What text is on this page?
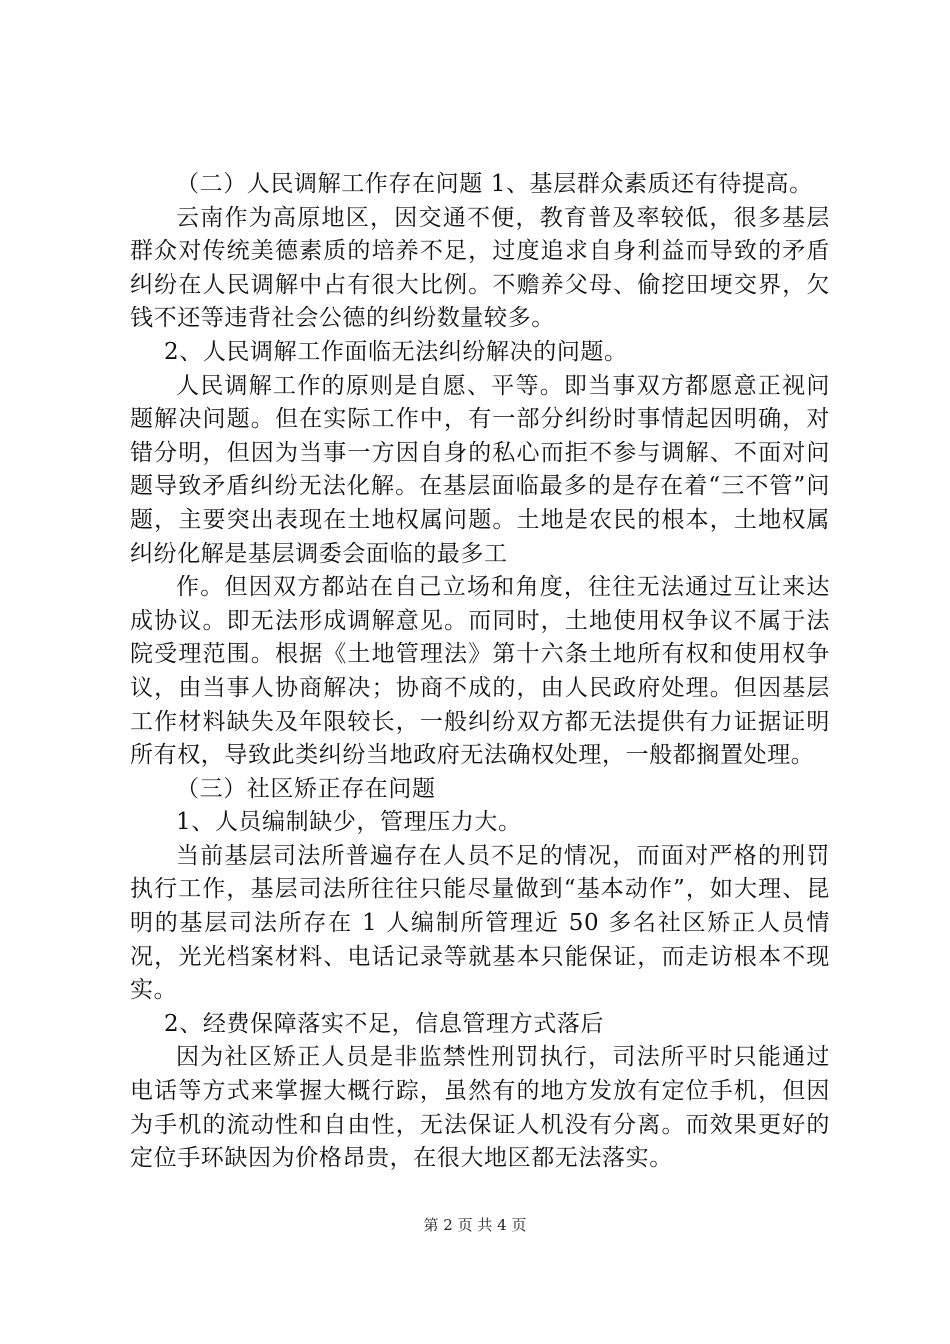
（二）人民调解工作存在问题 1、基层群众素质还有待提高。

云南作为高原地区，因交通不便，教育普及率较低，很多基层群众对传统美德素质的培养不足，过度追求自身利益而导致的矛盾纠纷在人民调解中占有很大比例。不赡养父母、偷挖田埂交界，欠钱不还等违背社会公德的纠纷数量较多。

2、人民调解工作面临无法纠纷解决的问题。

人民调解工作的原则是自愿、平等。即当事双方都愿意正视问题解决问题。但在实际工作中，有一部分纠纷时事情起因明确，对错分明，但因为当事一方因自身的私心而拒不参与调解、不面对问题导致矛盾纠纷无法化解。在基层面临最多的是存在着“三不管”问题，主要突出表现在土地权属问题。土地是农民的根本，土地权属纠纷化解是基层调委会面临的最多工

作。但因双方都站在自己立场和角度，往往无法通过互让来达成协议。即无法形成调解意见。而同时，土地使用权争议不属于法院受理范围。根据《土地管理法》第十六条土地所有权和使用权争议，由当事人协商解决；协商不成的，由人民政府处理。但因基层工作材料缺失及年限较长，一般纠纷双方都无法提供有力证据证明所有权，导致此类纠纷当地政府无法确权处理，一般都搁置处理。

（三）社区矫正存在问题

1、人员编制缺少，管理压力大。

当前基层司法所普遍存在人员不足的情况，而面对严格的刑罚执行工作，基层司法所往往只能尽量做到“基本动作”，如大理、昆明的基层司法所存在 1 人编制所管理近 50 多名社区矫正人员情况，光光档案材料、电话记录等就基本只能保证，而走访根本不现实。

2、经费保障落实不足，信息管理方式落后

因为社区矫正人员是非监禁性刑罚执行，司法所平时只能通过电话等方式来掌握大概行踪，虽然有的地方发放有定位手机，但因为手机的流动性和自由性，无法保证人机没有分离。而效果更好的定位手环缺因为价格昂贵，在很大地区都无法落实。

第 2 页 共 4 页
